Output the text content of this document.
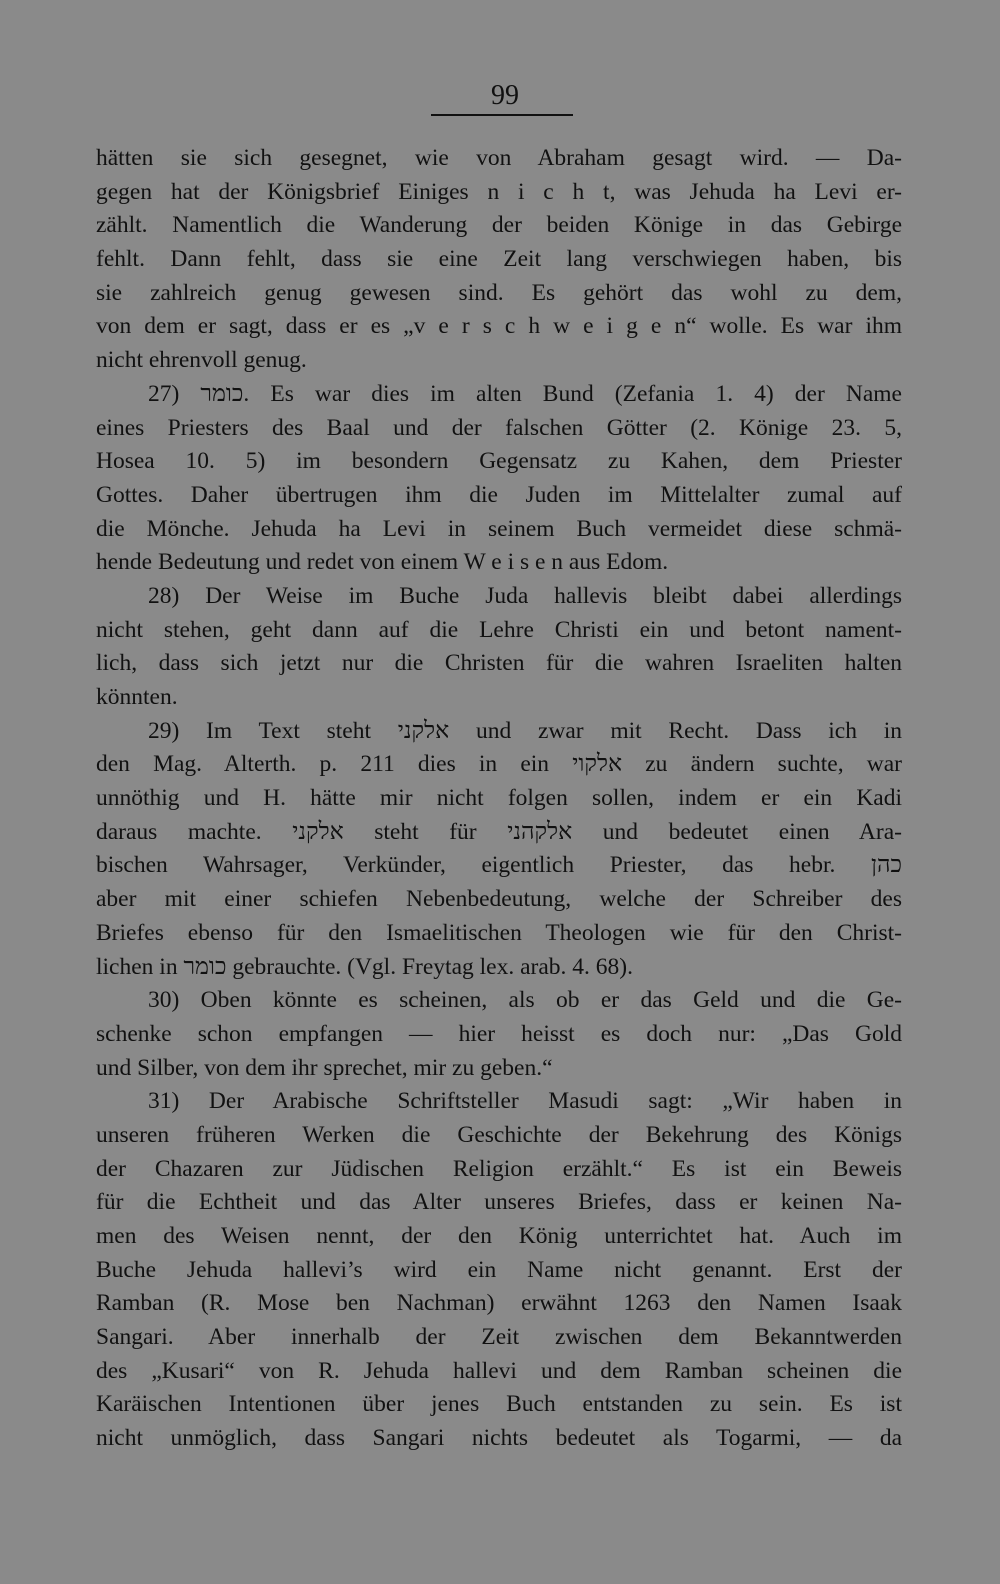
99
hätten sie sich gesegnet, wie von Abraham gesagt wird. — Da-
gegen hat der Königsbrief Einiges n i c h t, was Jehuda ha Levi er-
zählt. Namentlich die Wanderung der beiden Könige in das Gebirge
fehlt. Dann fehlt, dass sie eine Zeit lang verschwiegen haben, bis
sie zahlreich genug gewesen sind. Es gehört das wohl zu dem,
von dem er sagt, dass er es „v e r s c h w e i g e n“ wolle. Es war ihm
nicht ehrenvoll genug.
27) כומר. Es war dies im alten Bund (Zefania 1. 4) der Name
eines Priesters des Baal und der falschen Götter (2. Könige 23. 5,
Hosea 10. 5) im besondern Gegensatz zu Kahen, dem Priester
Gottes. Daher übertrugen ihm die Juden im Mittelalter zumal auf
die Mönche. Jehuda ha Levi in seinem Buch vermeidet diese schmä-
hende Bedeutung und redet von einem W e i s e n aus Edom.
28) Der Weise im Buche Juda hallevis bleibt dabei allerdings
nicht stehen, geht dann auf die Lehre Christi ein und betont nament-
lich, dass sich jetzt nur die Christen für die wahren Israeliten halten
könnten.
29) Im Text steht אלקני und zwar mit Recht. Dass ich in
den Mag. Alterth. p. 211 dies in ein אלקוי zu ändern suchte, war
unnöthig und H. hätte mir nicht folgen sollen, indem er ein Kadi
daraus machte. אלקני steht für אלקהני und bedeutet einen Ara-
bischen Wahrsager, Verkünder, eigentlich Priester, das hebr. כהן
aber mit einer schiefen Nebenbedeutung, welche der Schreiber des
Briefes ebenso für den Ismaelitischen Theologen wie für den Christ-
lichen in כומר gebrauchte. (Vgl. Freytag lex. arab. 4. 68).
30) Oben könnte es scheinen, als ob er das Geld und die Ge-
schenke schon empfangen — hier heisst es doch nur: „Das Gold
und Silber, von dem ihr sprechet, mir zu geben.“
31) Der Arabische Schriftsteller Masudi sagt: „Wir haben in
unseren früheren Werken die Geschichte der Bekehrung des Königs
der Chazaren zur Jüdischen Religion erzählt.“ Es ist ein Beweis
für die Echtheit und das Alter unseres Briefes, dass er keinen Na-
men des Weisen nennt, der den König unterrichtet hat. Auch im
Buche Jehuda hallevi’s wird ein Name nicht genannt. Erst der
Ramban (R. Mose ben Nachman) erwähnt 1263 den Namen Isaak
Sangari. Aber innerhalb der Zeit zwischen dem Bekanntwerden
des „Kusari“ von R. Jehuda hallevi und dem Ramban scheinen die
Karäischen Intentionen über jenes Buch entstanden zu sein. Es ist
nicht unmöglich, dass Sangari nichts bedeutet als Togarmi, — da
